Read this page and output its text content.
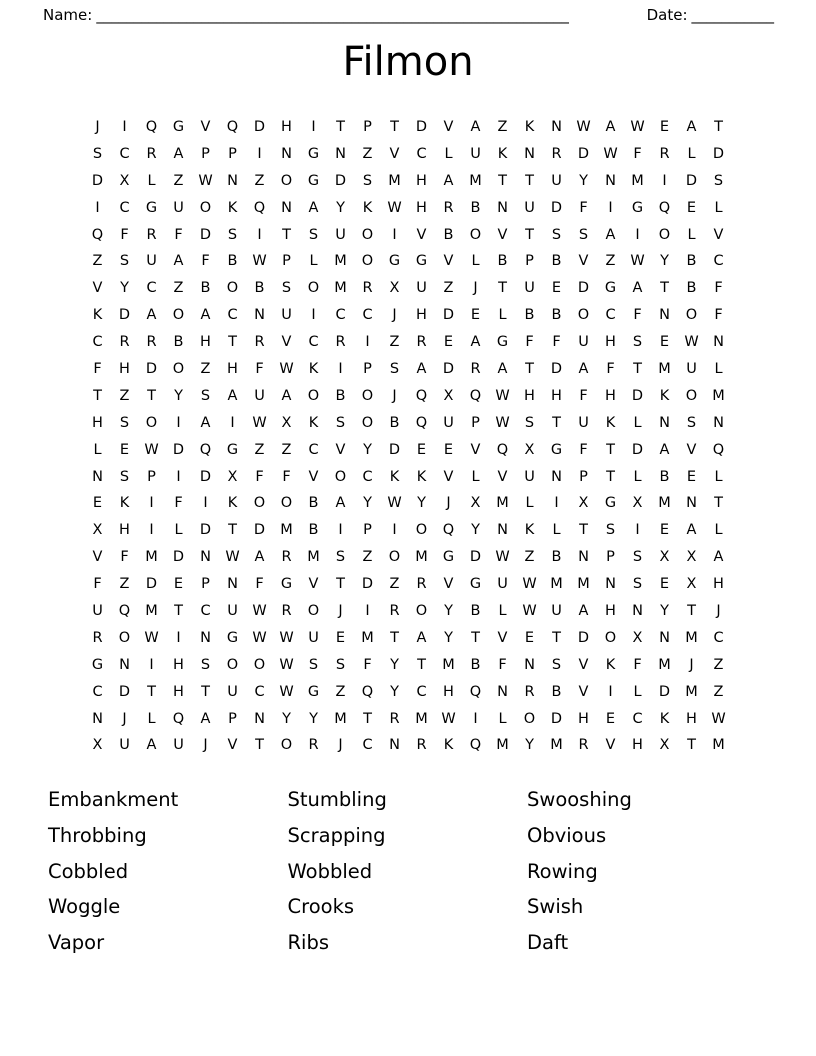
Name: _______________________________________________________________	Date: ___________
Filmon
J	I	Q	G	V	Q	D	H	I	T	P	T	D	V	A	Z	K	N W	A	W	E	A	T
S	C	R	A	P	P	I	N	G	N	Z	V	C	L	U	K	N	R	D W	F	R	L	D
D	X	L	Z	W N	Z	O	G	D	S	M	H	A	M	T	T	U	Y	N	M	I	D	S
I	C	G	U	O	K	Q	N	A	Y	K	W H	R	B	N	U	D	F	I	G	Q	E	L
Q	F	R	F	D	S	I	T	S	U	O	I	V	B	O	V	T	S	S	A	I	O	L	V
Z	S	U	A	F	B	W	P	L	M	O	G	G	V	L	B	P	B	V	Z	W	Y	B	C
V	Y	C	Z	B	O	B	S	O	M	R	X	U	Z	J	T	U	E	D	G	A	T	B	F
K	D	A	O	A	C	N	U	I	C	C	J	H	D	E	L	B	B	O	C	F	N	O	F
C	R	R	B	H	T	R	V	C	R	I	Z	R	E	A	G	F	F	U	H	S	E	W N
F	H	D	O	Z	H	F	W	K	I	P	S	A	D	R	A	T	D	A	F	T	M	U	L
T	Z	T	Y	S	A	U	A	O	B	O	J	Q	X	Q W H	H	F	H	D	K	O	M
H	S	O	I	A	I	W	X	K	S	O	B	Q	U	P	W	S	T	U	K	L	N	S	N
L	E	W D	Q	G	Z	Z	C	V	Y	D	E	E	V	Q	X	G	F	T	D	A	V	Q
N	S	P	I	D	X	F	F	V	O	C	K	K	V	L	V	U	N	P	T	L	B	E	L
E	K	I	F	I	K	O	O	B	A	Y	W	Y	J	X	M	L	I	X	G	X	M	N	T
X	H	I	L	D	T	D	M	B	I	P	I	O	Q	Y	N	K	L	T	S	I	E	A	L
V	F	M	D	N W	A	R	M	S	Z	O	M	G	D W	Z	B	N	P	S	X	X	A
F	Z	D	E	P	N	F	G	V	T	D	Z	R	V	G	U	W M M	N	S	E	X	H
U	Q	M	T	C	U	W	R	O	J	I	R	O	Y	B	L	W	U	A	H	N	Y	T	J
R	O W	I	N	G W W	U	E	M	T	A	Y	T	V	E	T	D	O	X	N	M	C
G	N	I	H	S	O	O W	S	S	F	Y	T	M	B	F	N	S	V	K	F	M	J	Z
C	D	T	H	T	U	C	W G	Z	Q	Y	C	H	Q	N	R	B	V	I	L	D	M	Z
N	J	L	Q	A	P	N	Y	Y	M	T	R	M W	I	L	O	D	H	E	C	K	H W
X	U	A	U	J	V	T	O	R	J	C	N	R	K	Q	M	Y	M	R	V	H	X	T	M
Embankment
Throbbing
Cobbled
Woggle
Vapor
Stumbling
Scrapping
Wobbled
Crooks
Ribs
Swooshing
Obvious
Rowing
Swish
Daft
